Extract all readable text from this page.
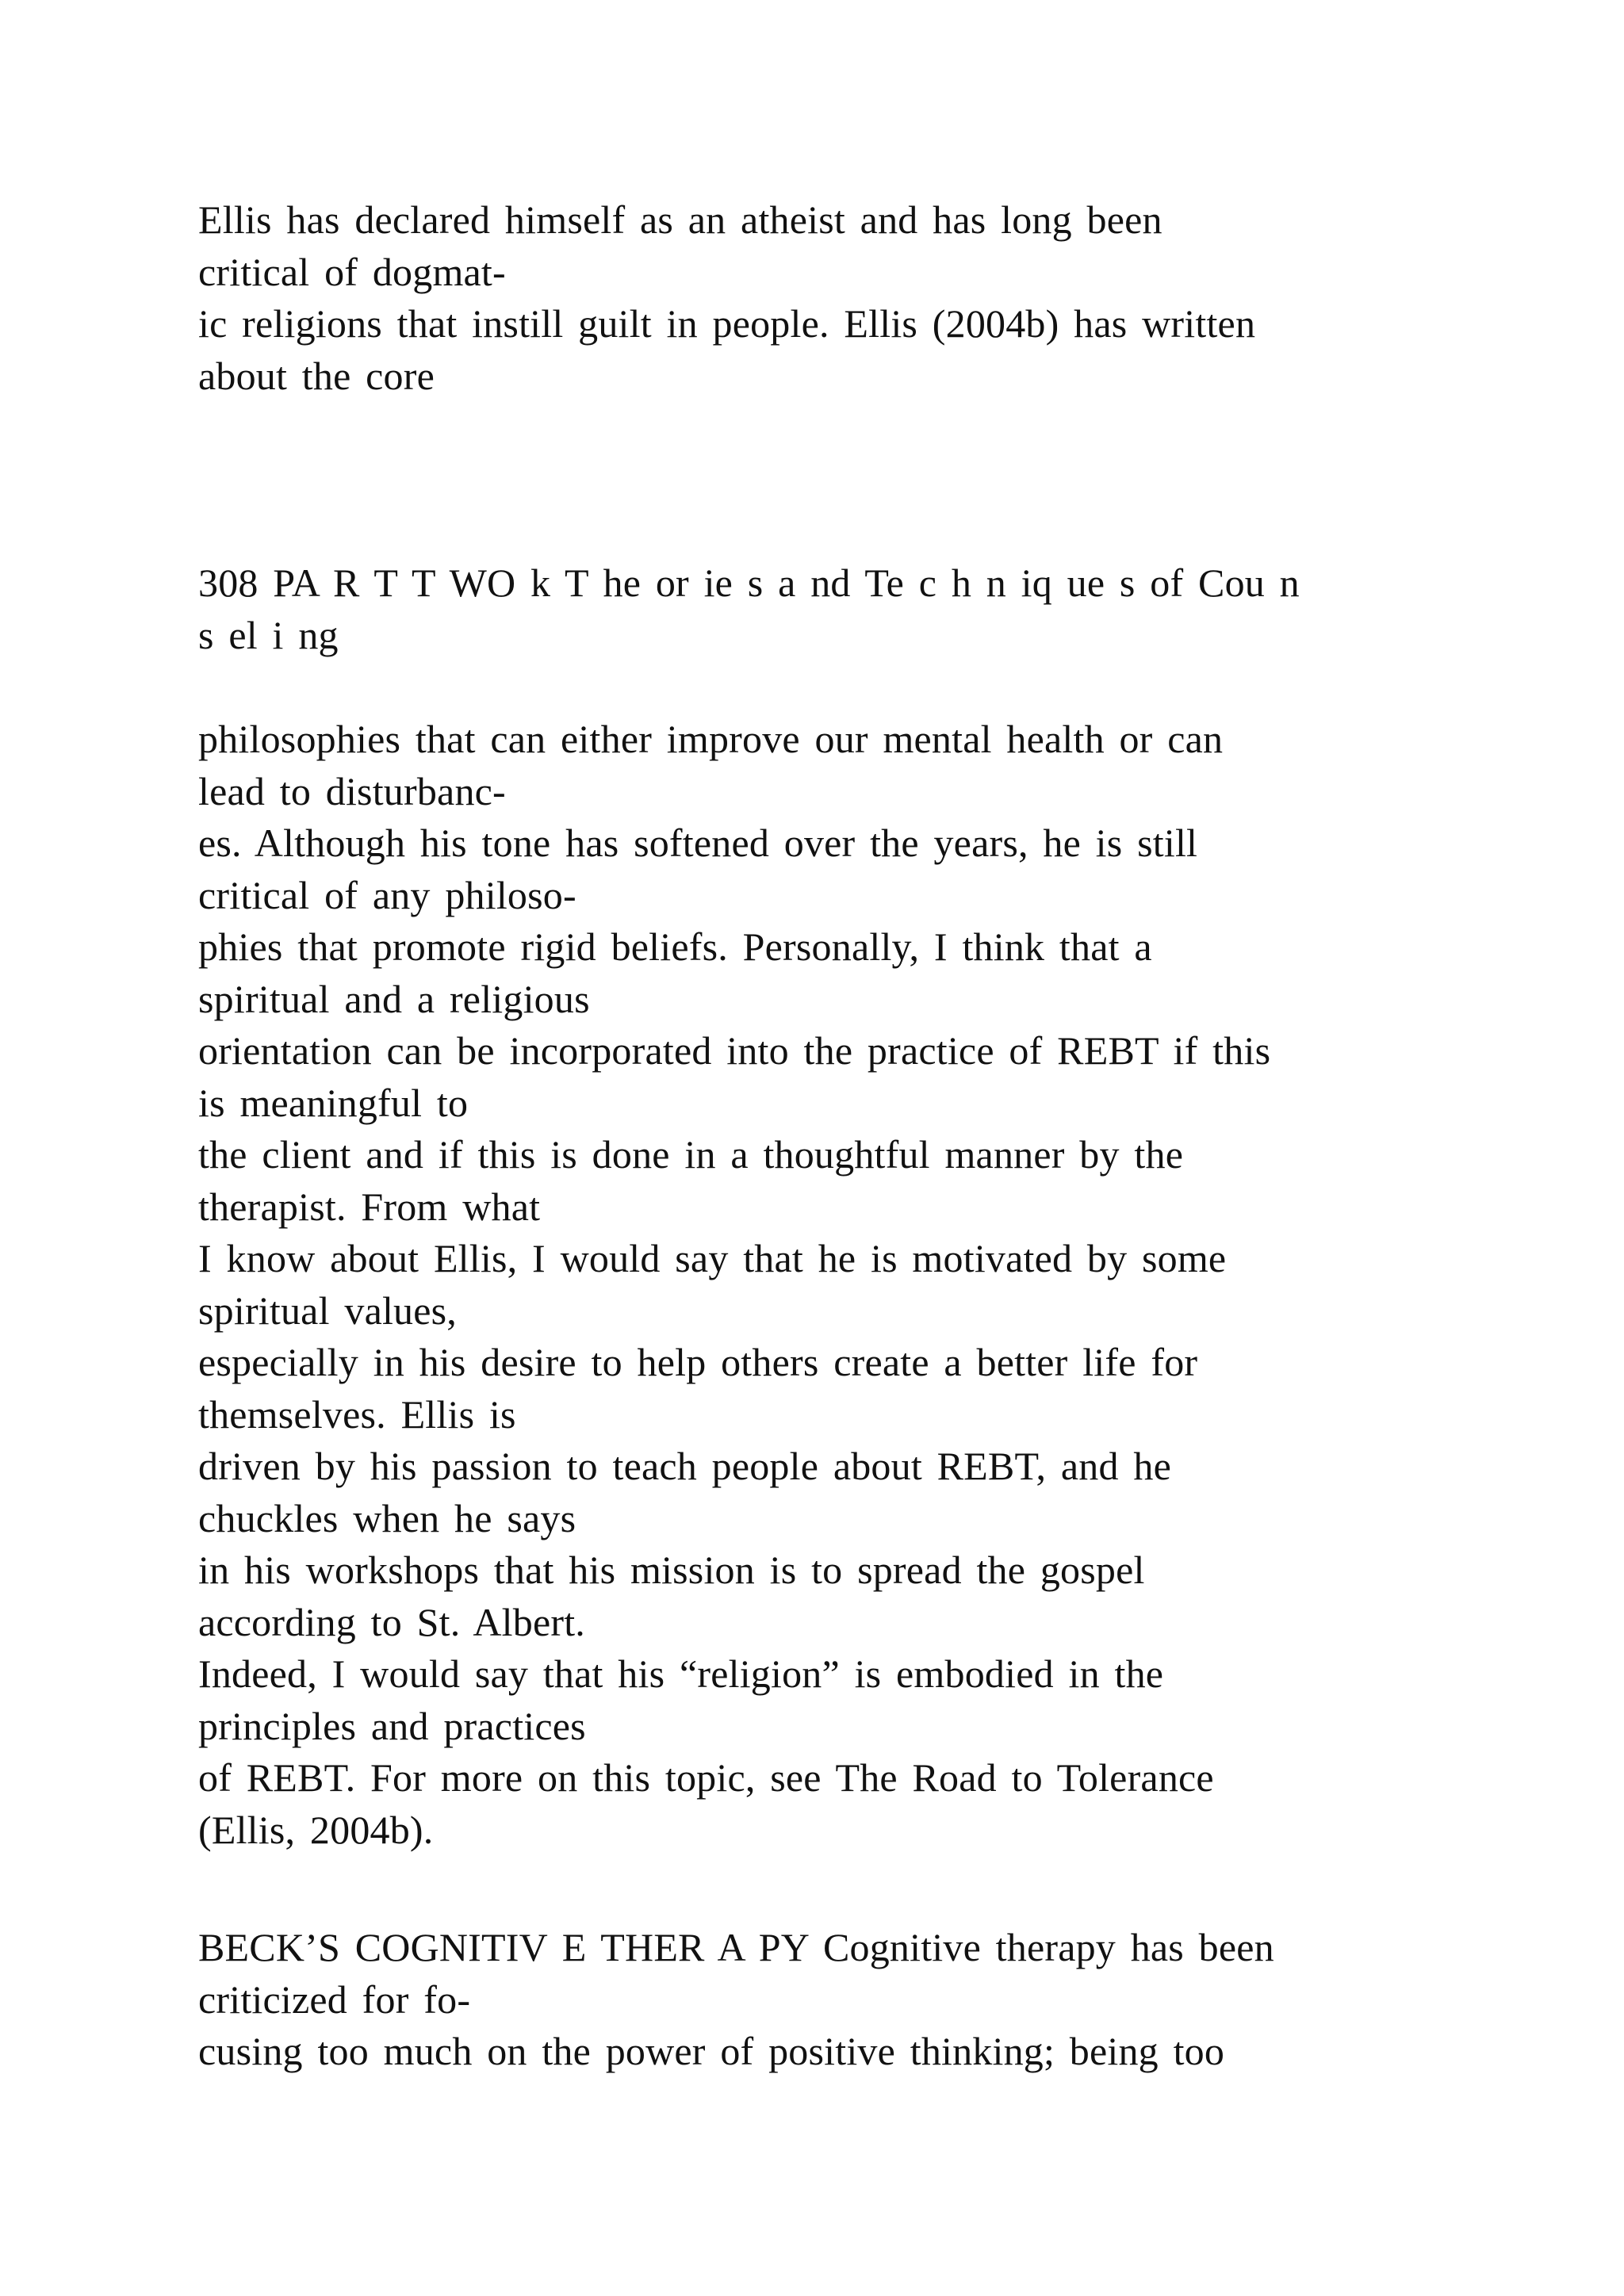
Ellis has declared himself as an atheist and has long been
critical of dogmat-
ic religions that instill guilt in people. Ellis (2004b) has written
about the core
308 PA R T T WO k T he or ie s a nd Te c h n iq ue s of Cou n
s el i ng
philosophies that can either improve our mental health or can
lead to disturbanc-
es. Although his tone has softened over the years, he is still
critical of any philoso-
phies that promote rigid beliefs. Personally, I think that a
spiritual and a religious
orientation can be incorporated into the practice of REBT if this
is meaningful to
the client and if this is done in a thoughtful manner by the
therapist. From what
I know about Ellis, I would say that he is motivated by some
spiritual values,
especially in his desire to help others create a better life for
themselves. Ellis is
driven by his passion to teach people about REBT, and he
chuckles when he says
in his workshops that his mission is to spread the gospel
according to St. Albert.
Indeed, I would say that his “religion” is embodied in the
principles and practices
of REBT. For more on this topic, see The Road to Tolerance
(Ellis, 2004b).
BECK’S COGNITIV E THER A PY Cognitive therapy has been
criticized for fo-
cusing too much on the power of positive thinking; being too
